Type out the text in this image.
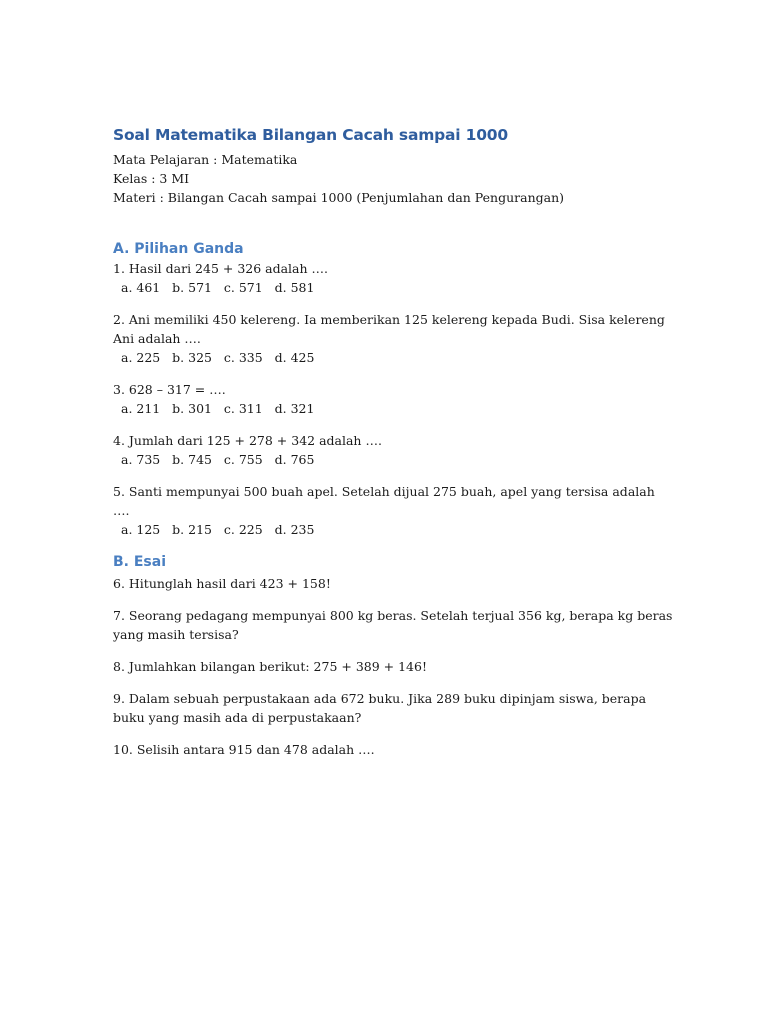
Soal Matematika Bilangan Cacah sampai 1000

Mata Pelajaran : Matematika

Kelas : 3 MI

Materi : Bilangan Cacah sampai 1000 (Penjumlahan dan Pengurangan)

A. Pilihan Ganda

1. Hasil dari 245 + 326 adalah ….

a. 461   b. 571   c. 571   d. 581

2. Ani memiliki 450 kelereng. Ia memberikan 125 kelereng kepada Budi. Sisa kelereng Ani adalah ….

a. 225   b. 325   c. 335   d. 425

3. 628 – 317 = ….

a. 211   b. 301   c. 311   d. 321

4. Jumlah dari 125 + 278 + 342 adalah ….

a. 735   b. 745   c. 755   d. 765

5. Santi mempunyai 500 buah apel. Setelah dijual 275 buah, apel yang tersisa adalah ….

a. 125   b. 215   c. 225   d. 235

B. Esai

6. Hitunglah hasil dari 423 + 158!

7. Seorang pedagang mempunyai 800 kg beras. Setelah terjual 356 kg, berapa kg beras yang masih tersisa?

8. Jumlahkan bilangan berikut: 275 + 389 + 146!

9. Dalam sebuah perpustakaan ada 672 buku. Jika 289 buku dipinjam siswa, berapa buku yang masih ada di perpustakaan?

10. Selisih antara 915 dan 478 adalah ….
